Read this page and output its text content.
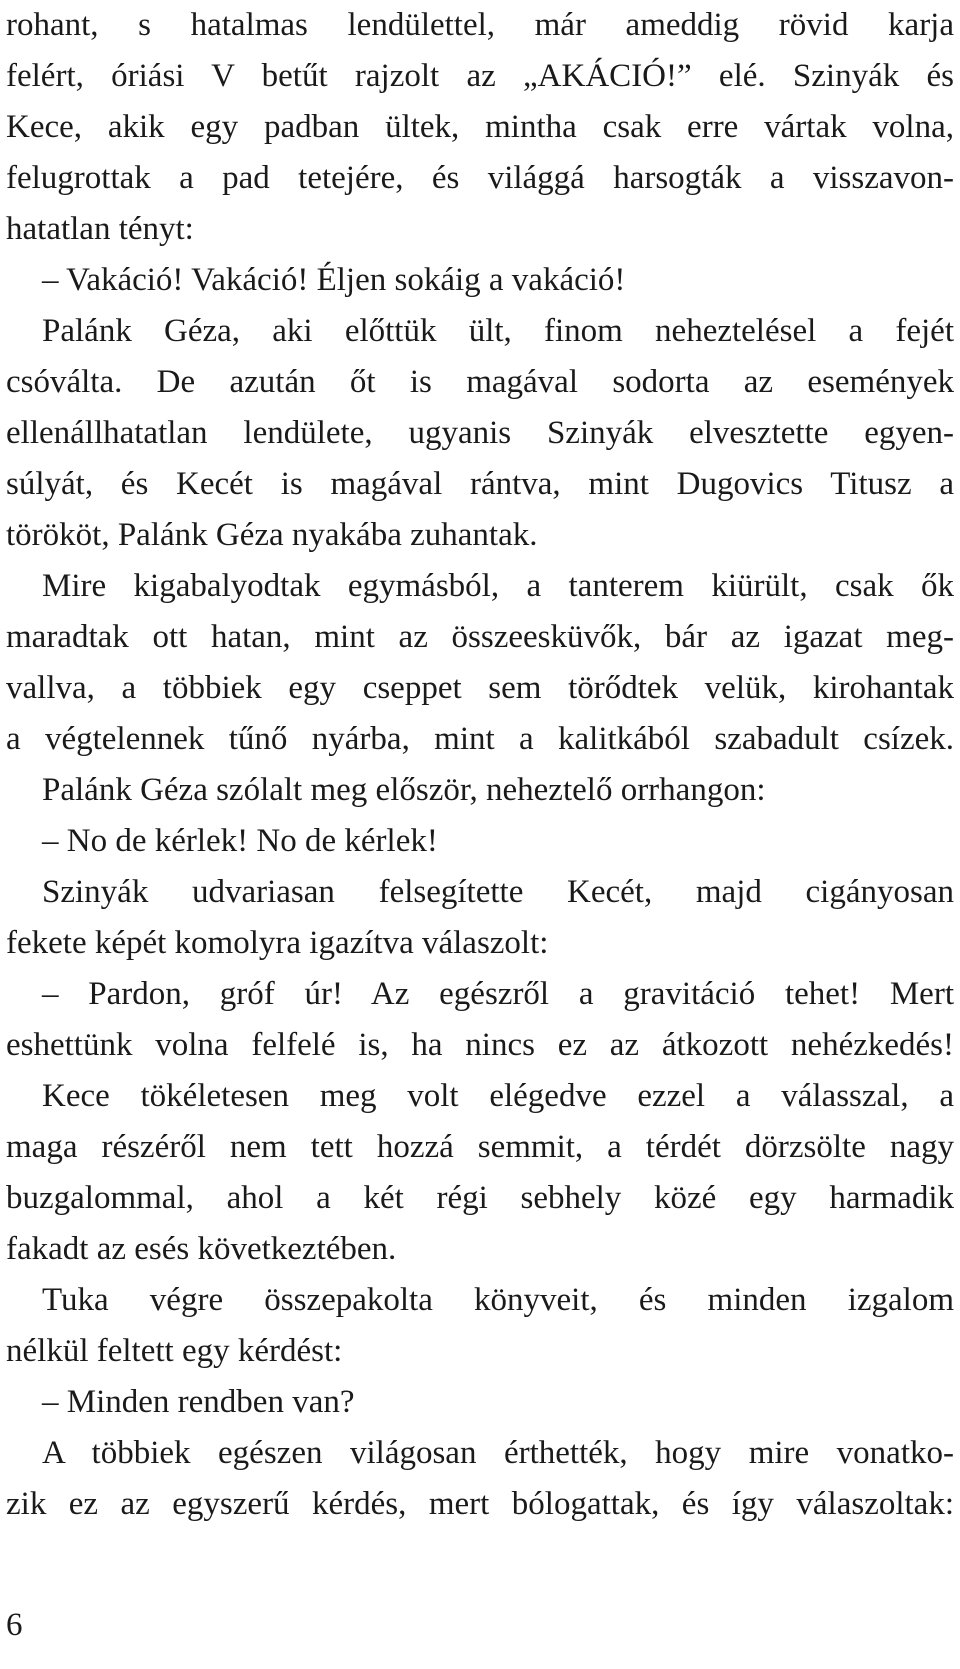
rohant, s hatalmas lendülettel, már ameddig rövid karja
felért, óriási V betűt rajzolt az „AKÁCIÓ!” elé. Szinyák és
Kece, akik egy padban ültek, mintha csak erre vártak volna,
felugrottak a pad tetejére, és világgá harsogták a visszavon-
hatatlan tényt:
– Vakáció! Vakáció! Éljen sokáig a vakáció!
Palánk Géza, aki előttük ült, finom neheztelésel a fejét
csóválta. De azután őt is magával sodorta az események
ellenállhatatlan lendülete, ugyanis Szinyák elvesztette egyen-
súlyát, és Kecét is magával rántva, mint Dugovics Titusz a
törököt, Palánk Géza nyakába zuhantak.
Mire kigabalyodtak egymásból, a tanterem kiürült, csak ők
maradtak ott hatan, mint az összeesküvők, bár az igazat meg-
vallva, a többiek egy cseppet sem törődtek velük, kirohantak
a végtelennek tűnő nyárba, mint a kalitkából szabadult csízek.
Palánk Géza szólalt meg először, neheztelő orrhangon:
– No de kérlek! No de kérlek!
Szinyák udvariasan felsegítette Kecét, majd cigányosan
fekete képét komolyra igazítva válaszolt:
– Pardon, gróf úr! Az egészről a gravitáció tehet! Mert
eshettünk volna felfelé is, ha nincs ez az átkozott nehézkedés!
Kece tökéletesen meg volt elégedve ezzel a válasszal, a
maga részéről nem tett hozzá semmit, a térdét dörzsölte nagy
buzgalommal, ahol a két régi sebhely közé egy harmadik
fakadt az esés következtében.
Tuka végre összepakolta könyveit, és minden izgalom
nélkül feltett egy kérdést:
– Minden rendben van?
A többiek egészen világosan érthették, hogy mire vonatko-
zik ez az egyszerű kérdés, mert bólogattak, és így válaszoltak:
6
